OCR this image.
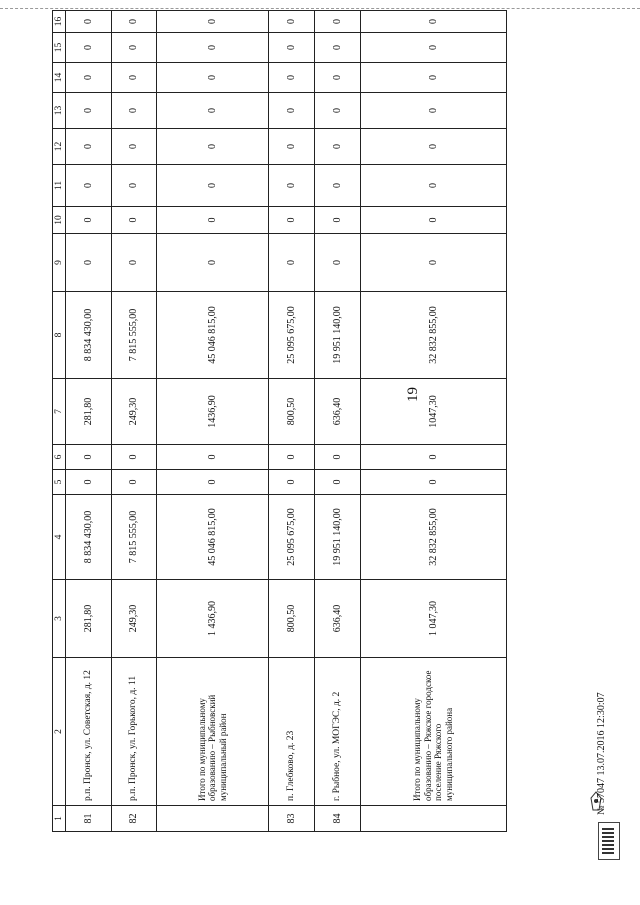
19
1	2	3	4	5	6	7	8	9	10	11	12	13	14	15	16
81	р.п. Пронск, ул. Советская, д. 12	281,80	8 834 430,00	0	0	281,80	8 834 430,00	0	0	0	0	0	0	0	0
82	р.п. Пронск, ул. Горького, д. 11	249,30	7 815 555,00	0	0	249,30	7 815 555,00	0	0	0	0	0	0	0	0
	Итого по муниципальному образованию – Рыбновский муниципальный район	1 436,90	45 046 815,00	0	0	1436,90	45 046 815,00	0	0	0	0	0	0	0	0
83	п. Глебково, д. 23	800,50	25 095 675,00	0	0	800,50	25 095 675,00	0	0	0	0	0	0	0	0
84	г. Рыбное, ул. МОГЭС, д. 2	636,40	19 951 140,00	0	0	636,40	19 951 140,00	0	0	0	0	0	0	0	0
	Итого по муниципальному образованию – Ряжское городское поселение Ряжского муниципального района	1 047,30	32 832 855,00	0	0	1047,30	32 832 855,00	0	0	0	0	0	0	0	0
№ 57047 13.07.2016 12:30:07
